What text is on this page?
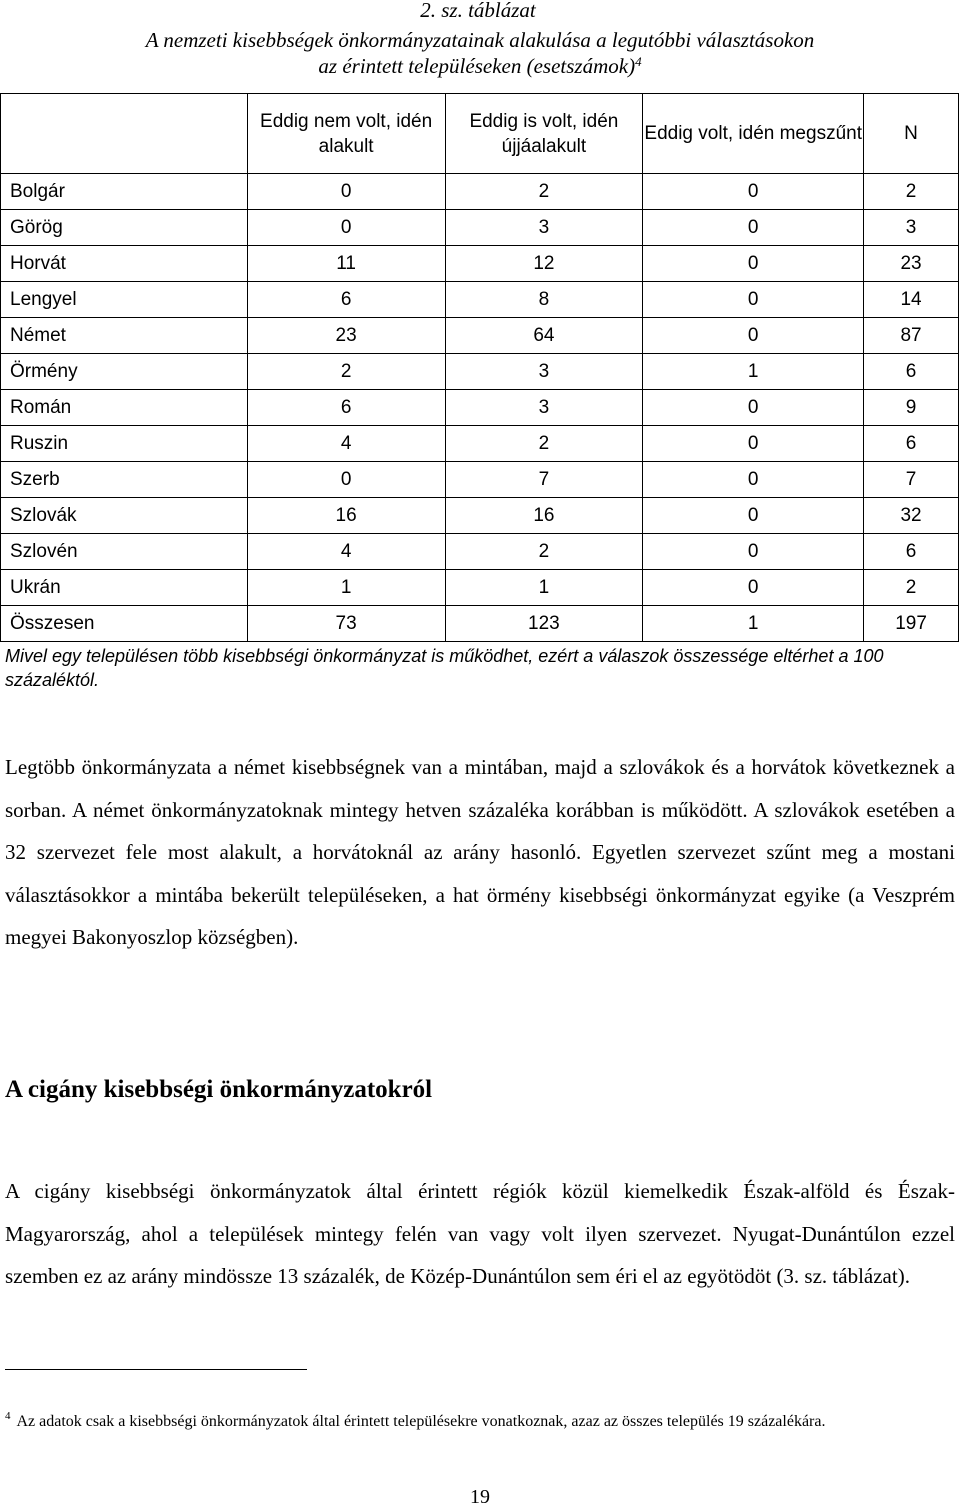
2. sz. táblázat
A nemzeti kisebbségek önkormányzatainak alakulása a legutóbbi választásokon
az érintett településeken (esetszámok)$^4$
	Eddig nem volt, idén alakult	Eddig is volt, idén újjáalakult	Eddig volt, idén megszűnt	N
Bolgár	0	2	0	2
Görög	0	3	0	3
Horvát	11	12	0	23
Lengyel	6	8	0	14
Német	23	64	0	87
Örmény	2	3	1	6
Román	6	3	0	9
Ruszin	4	2	0	6
Szerb	0	7	0	7
Szlovák	16	16	0	32
Szlovén	4	2	0	6
Ukrán	1	1	0	2
Összesen	73	123	1	197
Mivel egy településen több kisebbségi önkormányzat is működhet, ezért a válaszok összessége eltérhet a 100 százaléktól.
Legtöbb önkormányzata a német kisebbségnek van a mintában, majd a szlovákok és a horvátok következnek a sorban. A német önkormányzatoknak mintegy hetven százaléka korábban is működött. A szlovákok esetében a 32 szervezet fele most alakult, a horvátoknál az arány hasonló. Egyetlen szervezet szűnt meg a mostani választásokkor a mintába bekerült településeken, a hat örmény kisebbségi önkormányzat egyike (a Veszprém megyei Bakonyoszlop községben).
A cigány kisebbségi önkormányzatokról
A cigány kisebbségi önkormányzatok által érintett régiók közül kiemelkedik Észak-alföld és Észak-Magyarország, ahol a települések mintegy felén van vagy volt ilyen szervezet. Nyugat-Dunántúlon ezzel szemben ez az arány mindössze 13 százalék, de Közép-Dunántúlon sem éri el az egyötödöt (3. sz. táblázat).
$^4$ Az adatok csak a kisebbségi önkormányzatok által érintett településekre vonatkoznak, azaz az összes település 19 százalékára.
19
